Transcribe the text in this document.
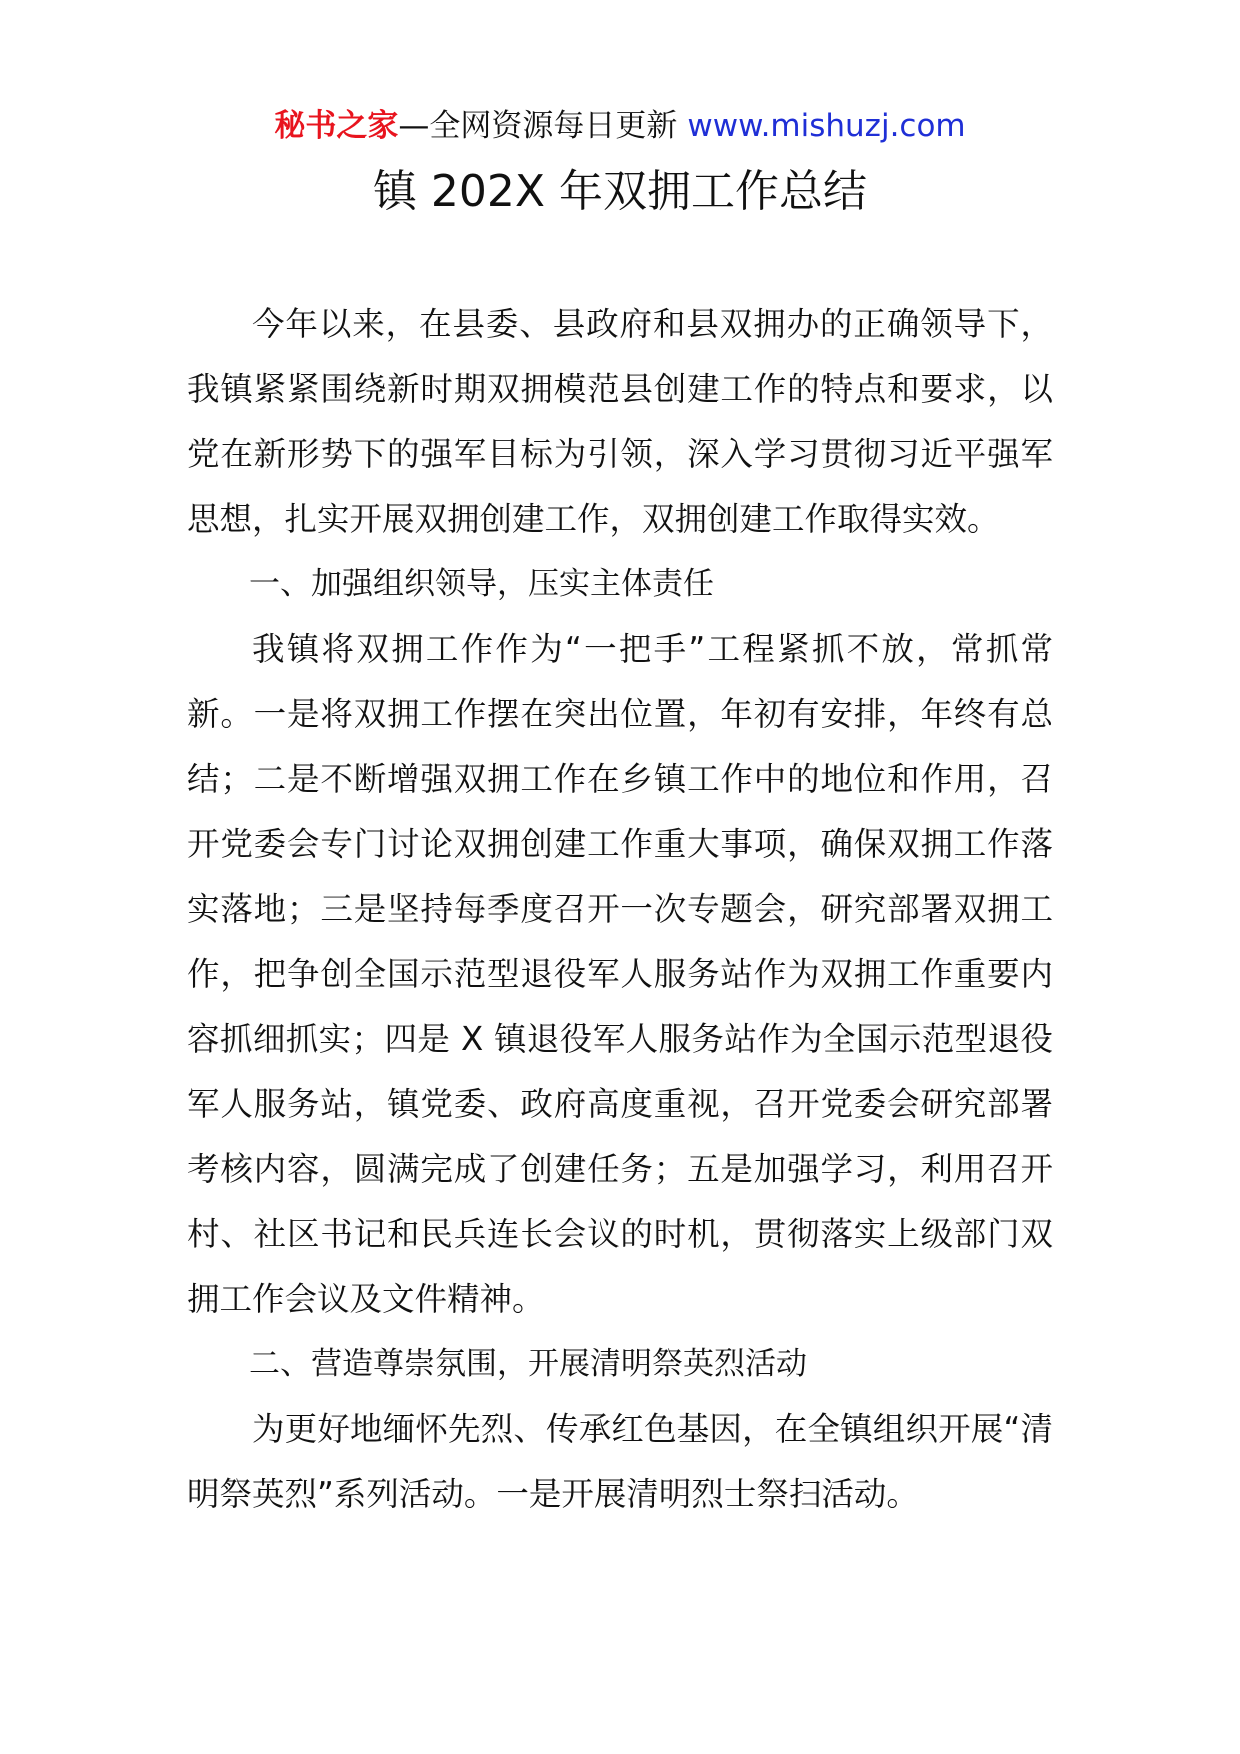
秘书之家—全网资源每日更新 www.mishuzj.com
镇 202X 年双拥工作总结

今年以来，在县委、县政府和县双拥办的正确领导下，我镇紧紧围绕新时期双拥模范县创建工作的特点和要求，以党在新形势下的强军目标为引领，深入学习贯彻习近平强军思想，扎实开展双拥创建工作，双拥创建工作取得实效。

一、加强组织领导，压实主体责任

我镇将双拥工作作为“一把手”工程紧抓不放，常抓常新。一是将双拥工作摆在突出位置，年初有安排，年终有总结；二是不断增强双拥工作在乡镇工作中的地位和作用，召开党委会专门讨论双拥创建工作重大事项，确保双拥工作落实落地；三是坚持每季度召开一次专题会，研究部署双拥工作，把争创全国示范型退役军人服务站作为双拥工作重要内容抓细抓实；四是 X 镇退役军人服务站作为全国示范型退役军人服务站，镇党委、政府高度重视，召开党委会研究部署考核内容，圆满完成了创建任务；五是加强学习，利用召开村、社区书记和民兵连长会议的时机，贯彻落实上级部门双拥工作会议及文件精神。

二、营造尊崇氛围，开展清明祭英烈活动

为更好地缅怀先烈、传承红色基因，在全镇组织开展“清明祭英烈”系列活动。一是开展清明烈士祭扫活动。
